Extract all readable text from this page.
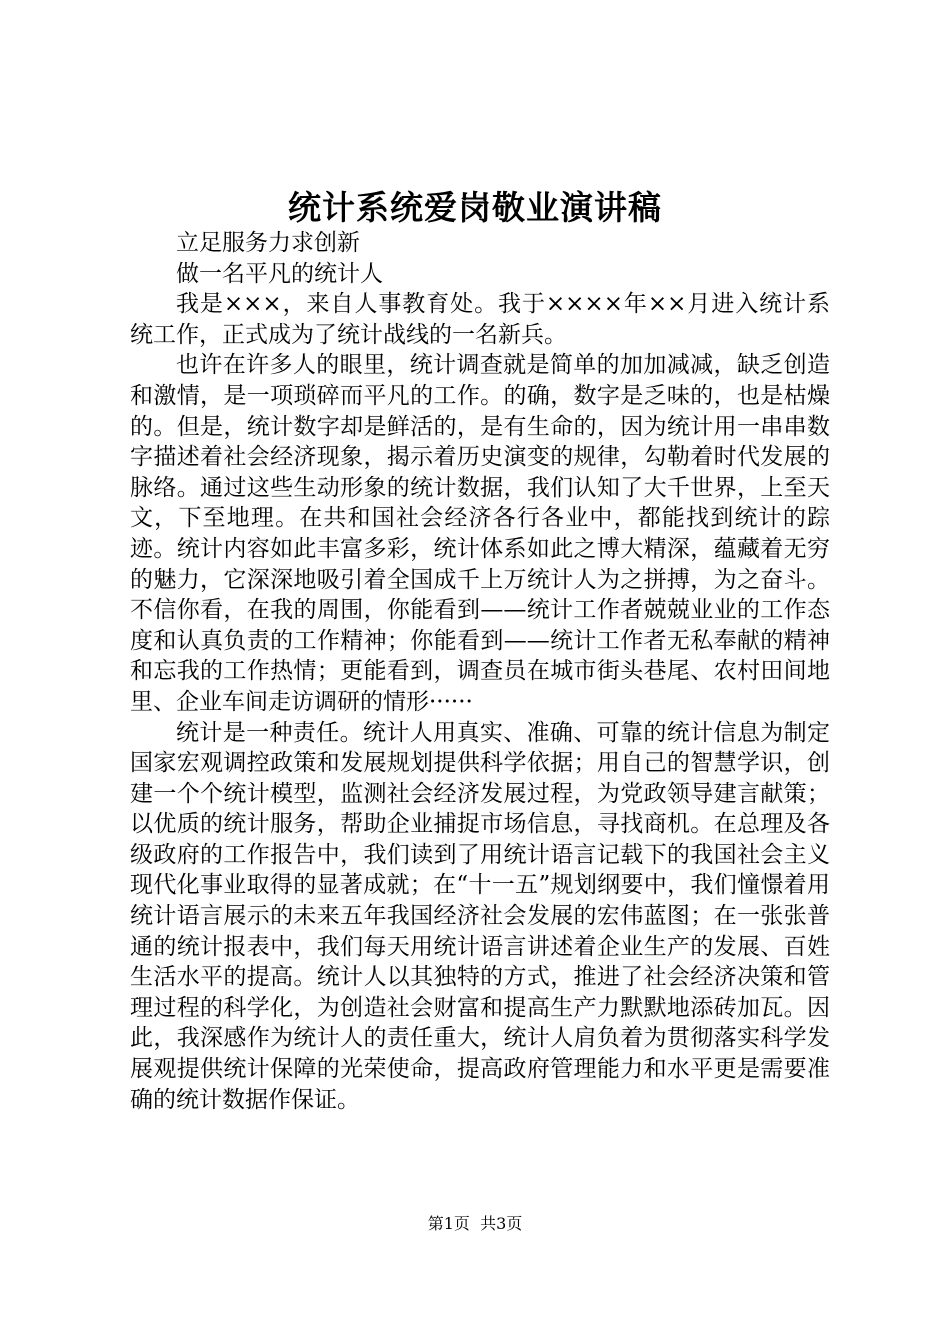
统计系统爱岗敬业演讲稿

立足服务力求创新

做一名平凡的统计人

我是×××，来自人事教育处。我于××××年××月进入统计系统工作，正式成为了统计战线的一名新兵。

也许在许多人的眼里，统计调查就是简单的加加减减，缺乏创造和激情，是一项琐碎而平凡的工作。的确，数字是乏味的，也是枯燥的。但是，统计数字却是鲜活的，是有生命的，因为统计用一串串数字描述着社会经济现象，揭示着历史演变的规律，勾勒着时代发展的脉络。通过这些生动形象的统计数据，我们认知了大千世界，上至天文，下至地理。在共和国社会经济各行各业中，都能找到统计的踪迹。统计内容如此丰富多彩，统计体系如此之博大精深，蕴藏着无穷的魅力，它深深地吸引着全国成千上万统计人为之拼搏，为之奋斗。不信你看，在我的周围，你能看到——统计工作者兢兢业业的工作态度和认真负责的工作精神；你能看到——统计工作者无私奉献的精神和忘我的工作热情；更能看到，调查员在城市街头巷尾、农村田间地里、企业车间走访调研的情形······

统计是一种责任。统计人用真实、准确、可靠的统计信息为制定国家宏观调控政策和发展规划提供科学依据；用自己的智慧学识，创建一个个统计模型，监测社会经济发展过程，为党政领导建言献策；以优质的统计服务，帮助企业捕捉市场信息，寻找商机。在总理及各级政府的工作报告中，我们读到了用统计语言记载下的我国社会主义现代化事业取得的显著成就；在“十一五”规划纲要中，我们憧憬着用统计语言展示的未来五年我国经济社会发展的宏伟蓝图；在一张张普通的统计报表中，我们每天用统计语言讲述着企业生产的发展、百姓生活水平的提高。统计人以其独特的方式，推进了社会经济决策和管理过程的科学化，为创造社会财富和提高生产力默默地添砖加瓦。因此，我深感作为统计人的责任重大，统计人肩负着为贯彻落实科学发展观提供统计保障的光荣使命，提高政府管理能力和水平更是需要准确的统计数据作保证。

第1页 共3页
